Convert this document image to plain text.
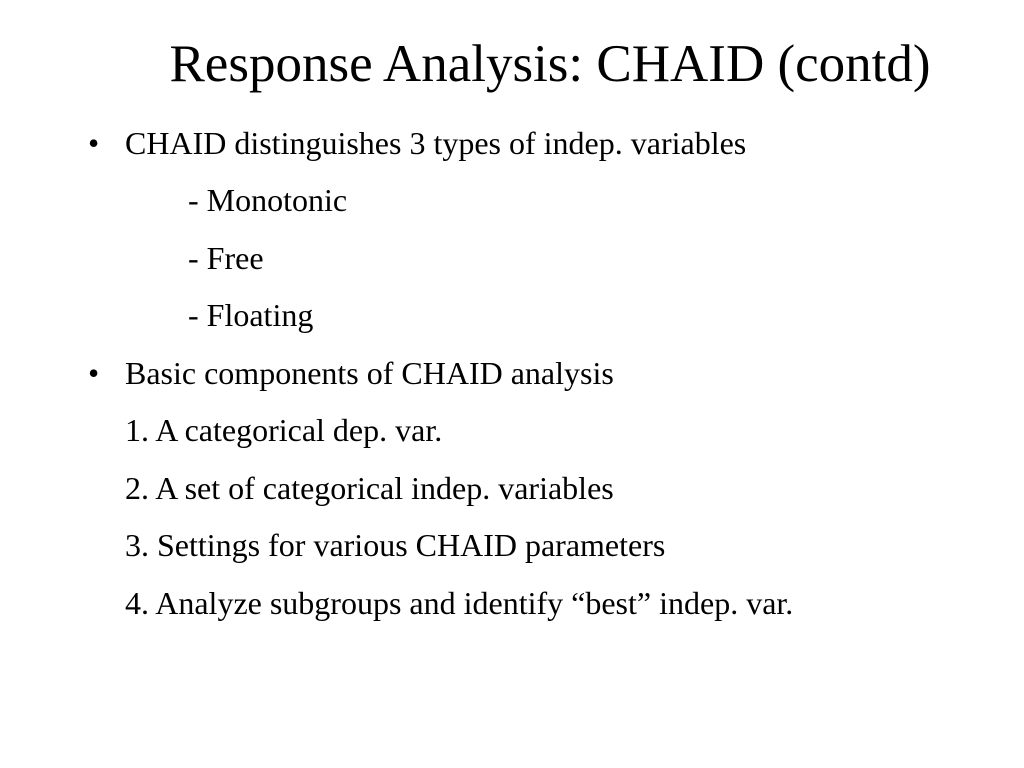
Response Analysis: CHAID (contd)
• CHAID distinguishes 3 types of indep. variables
- Monotonic
- Free
- Floating
• Basic components of CHAID analysis
1. A categorical dep. var.
2. A set of categorical indep. variables
3. Settings for various CHAID parameters
4. Analyze subgroups and identify “best” indep. var.
